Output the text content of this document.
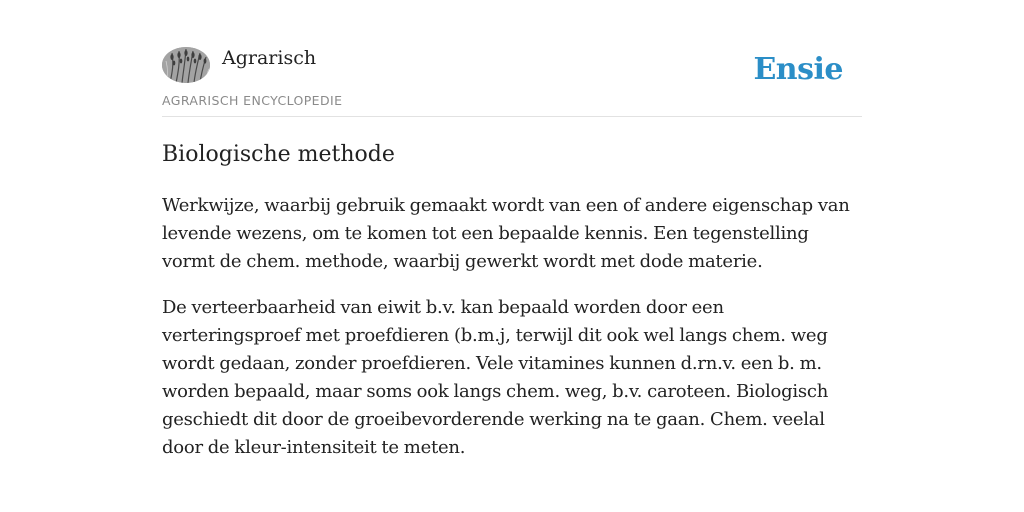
Agrarisch
AGRARISCH ENCYCLOPEDIE
Ensie
Biologische methode

Werkwijze, waarbij gebruik gemaakt wordt van een of andere eigenschap van levende wezens, om te komen tot een bepaalde kennis. Een tegenstelling vormt de chem. methode, waarbij gewerkt wordt met dode materie.

De verteerbaarheid van eiwit b.v. kan bepaald worden door een verteringsproef met proefdieren (b.m.j, terwijl dit ook wel langs chem. weg wordt gedaan, zonder proefdieren. Vele vitamines kunnen d.rn.v. een b. m. worden bepaald, maar soms ook langs chem. weg, b.v. caroteen. Biologisch geschiedt dit door de groeibevorderende werking na te gaan. Chem. veelal door de kleur-intensiteit te meten.
